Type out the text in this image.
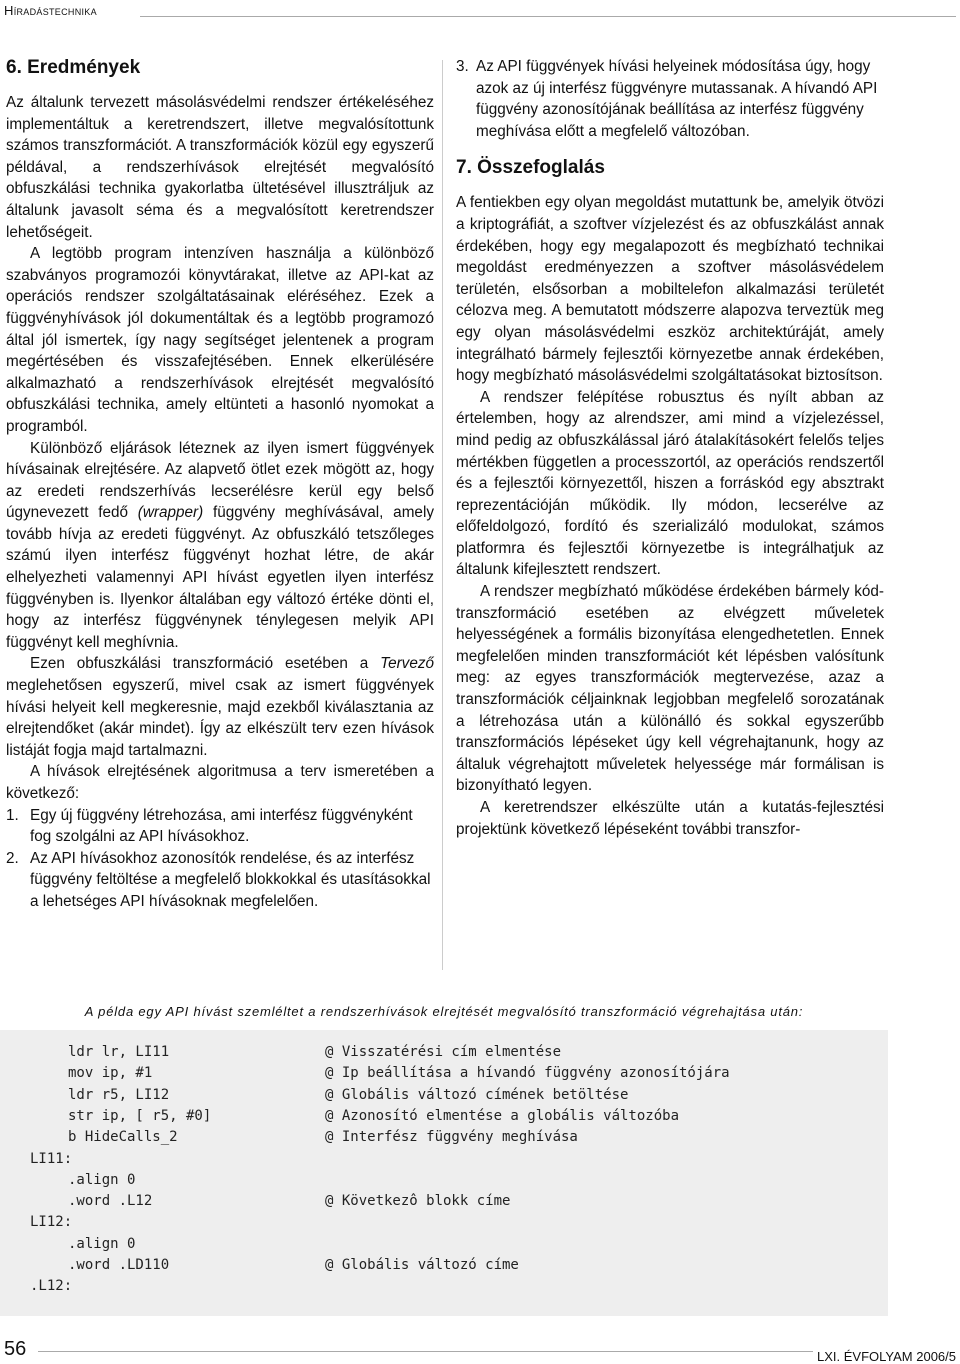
Híradástechnika
6. Eredmények

Az általunk tervezett másolásvédelmi rendszer értékeléséhez implementáltuk a keretrendszert, illetve megvalósítottunk számos transzformációt. A transzformációk közül egy egyszerű példával, a rendszerhívások elrejtését megvalósító obfuszkálási technika gyakorlatba ültetésével illusztráljuk az általunk javasolt séma és a megvalósított keretrendszer lehetőségeit.

A legtöbb program intenzíven használja a különböző szabványos programozói könyvtárakat, illetve az API-kat az operációs rendszer szolgáltatásainak eléréséhez. Ezek a függvényhívások jól dokumentáltak és a legtöbb programozó által jól ismertek, így nagy segítséget jelentenek a program megértésében és visszafejtésében. Ennek elkerülésére alkalmazható a rendszerhívások elrejtését megvalósító obfuszkálási technika, amely eltünteti a hasonló nyomokat a programból.

Különböző eljárások léteznek az ilyen ismert függvények hívásainak elrejtésére. Az alapvető ötlet ezek mögött az, hogy az eredeti rendszerhívás lecserélésre kerül egy belső úgynevezett fedő (wrapper) függvény meghívásával, amely tovább hívja az eredeti függvényt. Az obfuszkáló tetszőleges számú ilyen interfész függvényt hozhat létre, de akár elhelyezheti valamennyi API hívást egyetlen ilyen interfész függvényben is. Ilyenkor általában egy változó értéke dönti el, hogy az interfész függvénynek ténylegesen melyik API függvényt kell meghívnia.

Ezen obfuszkálási transzformáció esetében a Tervező meglehetősen egyszerű, mivel csak az ismert függvények hívási helyeit kell megkeresnie, majd ezekből kiválasztania az elrejtendőket (akár mindet). Így az elkészült terv ezen hívások listáját fogja majd tartalmazni.

A hívások elrejtésének algoritmusa a terv ismeretében a következő:

1. Egy új függvény létrehozása, ami interfész függvényként fog szolgálni az API hívásokhoz.
2. Az API hívásokhoz azonosítók rendelése, és az interfész függvény feltöltése a megfelelő blokkokkal és utasításokkal a lehetséges API hívásoknak megfelelően.
3. Az API függvények hívási helyeinek módosítása úgy, hogy azok az új interfész függvényre mutassanak. A hívandó API függvény azonosítójának beállítása az interfész függvény meghívása előtt a megfelelő változóban.
7. Összefoglalás

A fentiekben egy olyan megoldást mutattunk be, amelyik ötvözi a kriptográfiát, a szoftver vízjelezést és az obfuszkálást annak érdekében, hogy egy megalapozott és megbízható technikai megoldást eredményezzen a szoftver másolásvédelem területén, elsősorban a mobiltelefon alkalmazási területét célozva meg. A bemutatott módszerre alapozva terveztük meg egy olyan másolásvédelmi eszköz architektúráját, amely integrálható bármely fejlesztői környezetbe annak érdekében, hogy megbízható másolásvédelmi szolgáltatásokat biztosítson.

A rendszer felépítése robusztus és nyílt abban az értelemben, hogy az alrendszer, ami mind a vízjelezéssel, mind pedig az obfuszkálással járó átalakításokért felelős teljes mértékben független a processzortól, az operációs rendszertől és a fejlesztői környezettől, hiszen a forráskód egy absztrakt reprezentációján működik. Ily módon, lecserélve az előfeldolgozó, fordító és szerializáló modulokat, számos platformra és fejlesztői környezetbe is integrálhatjuk az általunk kifejlesztett rendszert.

A rendszer megbízható működése érdekében bármely kód-transzformáció esetében az elvégzett műveletek helyességének a formális bizonyítása elengedhetetlen. Ennek megfelelően minden transzformációt két lépésben valósítunk meg: az egyes transzformációk megtervezése, azaz a transzformációk céljainknak legjobban megfelelő sorozatának a létrehozása után a különálló és sokkal egyszerűbb transzformációs lépéseket úgy kell végrehajtanunk, hogy az általuk végrehajtott műveletek helyessége már formálisan is bizonyítható legyen.

A keretrendszer elkészülte után a kutatás-fejlesztési projektünk következő lépéseként további transzfor-

A példa egy API hívást szemléltet a rendszerhívások elrejtését megvalósító transzformáció végrehajtása után:
ldr lr, LI11	@ Visszatérési cím elmentése
mov ip, #1	@ Ip beállítása a hívandó függvény azonosítójára
ldr r5, LI12	@ Globális változó címének betöltése
str ip, [ r5, #0]	@ Azonosító elmentése a globális változóba
b HideCalls_2	@ Interfész függvény meghívása
LI11:
.align 0
.word .L12	@ Következô blokk címe
LI12:
.align 0
.word .LD110	@ Globális változó címe
.L12:
56	LXI. ÉVFOLYAM 2006/5
